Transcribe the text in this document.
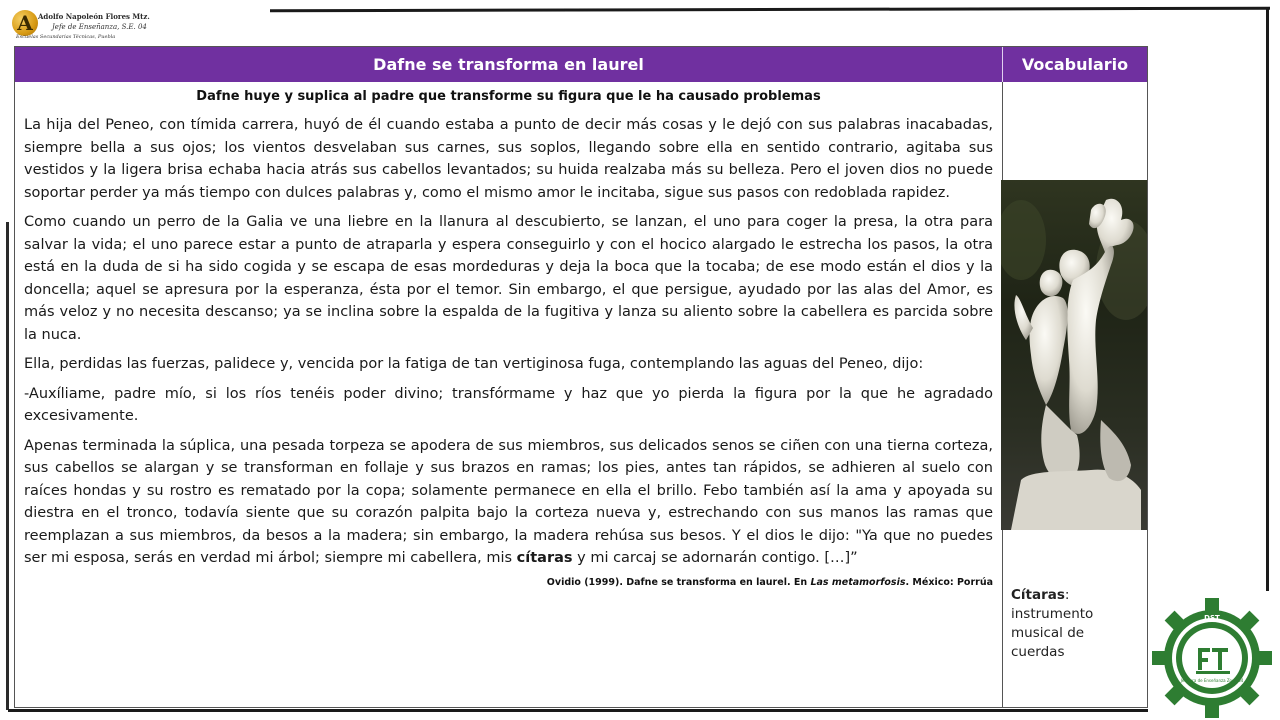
A Adolfo Napoleón Flores Mtz.
Jefe de Enseñanza, S.E. 04
Escuelas Secundarias Técnicas, Puebla
Dafne se transforma en laurel	Vocabulario
Dafne huye y suplica al padre que transforme su figura que le ha causado problemas

La hija del Peneo, con tímida carrera, huyó de él cuando estaba a punto de decir más cosas y le dejó con sus palabras inacabadas, siempre bella a sus ojos; los vientos desvelaban sus carnes, sus soplos, llegando sobre ella en sentido contrario, agitaba sus vestidos y la ligera brisa echaba hacia atrás sus cabellos levantados; su huida realzaba más su belleza. Pero el joven dios no puede soportar perder ya más tiempo con dulces palabras y, como el mismo amor le incitaba, sigue sus pasos con redoblada rapidez.

Como cuando un perro de la Galia ve una liebre en la llanura al descubierto, se lanzan, el uno para coger la presa, la otra para salvar la vida; el uno parece estar a punto de atraparla y espera conseguirlo y con el hocico alargado le estrecha los pasos, la otra está en la duda de si ha sido cogida y se escapa de esas mordeduras y deja la boca que la tocaba; de ese modo están el dios y la doncella; aquel se apresura por la esperanza, ésta por el temor. Sin embargo, el que persigue, ayudado por las alas del Amor, es más veloz y no necesita descanso; ya se inclina sobre la espalda de la fugitiva y lanza su aliento sobre la cabellera es parcida sobre la nuca.

Ella, perdidas las fuerzas, palidece y, vencida por la fatiga de tan vertiginosa fuga, contemplando las aguas del Peneo, dijo:

-Auxíliame, padre mío, si los ríos tenéis poder divino; transfórmame y haz que yo pierda la figura por la que he agradado excesivamente.

Apenas terminada la súplica, una pesada torpeza se apodera de sus miembros, sus delicados senos se ciñen con una tierna corteza, sus cabellos se alargan y se transforman en follaje y sus brazos en ramas; los pies, antes tan rápidos, se adhieren al suelo con raíces hondas y su rostro es rematado por la copa; solamente permanece en ella el brillo. Febo también así la ama y apoyada su diestra en el tronco, todavía siente que su corazón palpita bajo la corteza nueva y, estrechando con sus manos las ramas que reemplazan a sus miembros, da besos a la madera; sin embargo, la madera rehúsa sus besos. Y el dios le dijo: "Ya que no puedes ser mi esposa, serás en verdad mi árbol; siempre mi cabellera, mis cítaras y mi carcaj se adornarán contigo. […]”

Ovidio (1999). Dafne se transforma en laurel. En Las metamorfosis. México: Porrúa
Cítaras:
instrumento musical de cuerdas
DST
Jefatura de Enseñanza Zona 04
